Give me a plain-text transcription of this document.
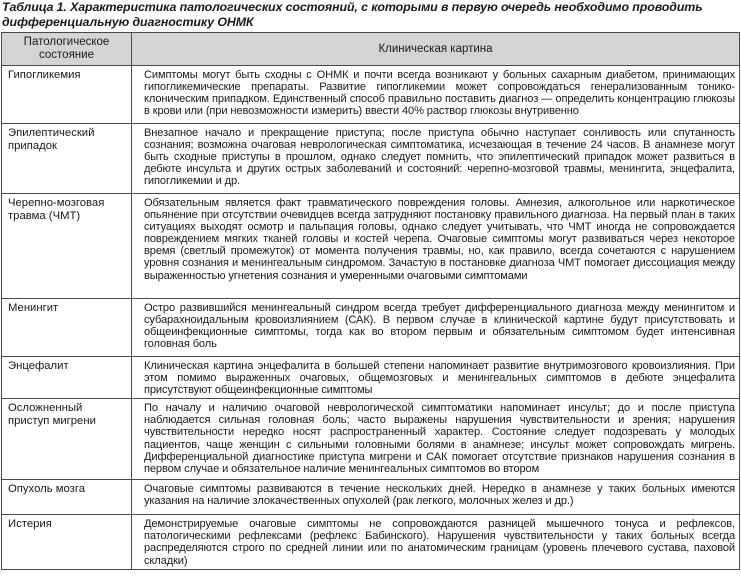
Таблица 1. Характеристика патологических состояний, с которыми в первую очередь необходимо проводить дифференциальную диагностику ОНМК
Патологическое состояние	Клиническая картина
Гипогликемия	Симптомы могут быть сходны с ОНМК и почти всегда возникают у больных сахарным диабетом, принимающих гипогликемические препараты. Развитие гипогликемии может сопровождаться генерализованным тонико-клоническим припадком. Единственный способ правильно поставить диагноз — определить концентрацию глюкозы в крови или (при невозможности измерить) ввести 40% раствор глюкозы внутривенно
Эпилептический припадок	Внезапное начало и прекращение приступа; после приступа обычно наступает сонливость или спутанность сознания; возможна очаговая неврологическая симптоматика, исчезающая в течение 24 часов. В анамнезе могут быть сходные приступы в прошлом, однако следует помнить, что эпилептический припадок может развиться в дебюте инсульта и других острых заболеваний и состояний: черепно-мозговой травмы, менингита, энцефалита, гипогликемии и др.
Черепно-мозговая травма (ЧМТ)	Обязательным является факт травматического повреждения головы. Амнезия, алкогольное или наркотическое опьянение при отсутствии очевидцев всегда затрудняют постановку правильного диагноза. На первый план в таких ситуациях выходят осмотр и пальпация головы, однако следует учитывать, что ЧМТ иногда не сопровождается повреждением мягких тканей головы и костей черепа. Очаговые симптомы могут развиваться через некоторое время (светлый промежуток) от момента получения травмы, но, как правило, всегда сочетаются с нарушением уровня сознания и менингеальным синдромом. Зачастую в постановке диагноза ЧМТ помогает диссоциация между выраженностью угнетения сознания и умеренными очаговыми симптомами
Менингит	Остро развившийся менингеальный синдром всегда требует дифференциального диагноза между менингитом и субарахноидальным кровоизлиянием (САК). В первом случае в клинической картине будут присутствовать и общеинфекционные симптомы, тогда как во втором первым и обязательным симптомом будет интенсивная головная боль
Энцефалит	Клиническая картина энцефалита в большей степени напоминает развитие внутримозгового кровоизлияния. При этом помимо выраженных очаговых, общемозговых и менингеальных симптомов в дебюте энцефалита присутствуют общеинфекционные симптомы
Осложненный приступ мигрени	По началу и наличию очаговой неврологической симптоматики напоминает инсульт; до и после приступа наблюдается сильная головная боль; часто выражены нарушения чувствительности и зрения; нарушения чувствительности нередко носят распространенный характер. Состояние следует подозревать у молодых пациентов, чаще женщин с сильными головными болями в анамнезе; инсульт может сопровождать мигрень. Дифференциальной диагностике приступа мигрени и САК помогает отсутствие признаков нарушения сознания в первом случае и обязательное наличие менингеальных симптомов во втором
Опухоль мозга	Очаговые симптомы развиваются в течение нескольких дней. Нередко в анамнезе у таких больных имеются указания на наличие злокачественных опухолей (рак легкого, молочных желез и др.)
Истерия	Демонстрируемые очаговые симптомы не сопровождаются разницей мышечного тонуса и рефлексов, патологическими рефлексами (рефлекс Бабинского). Нарушения чувствительности у таких больных всегда распределяются строго по средней линии или по анатомическим границам (уровень плечевого сустава, паховой складки)
